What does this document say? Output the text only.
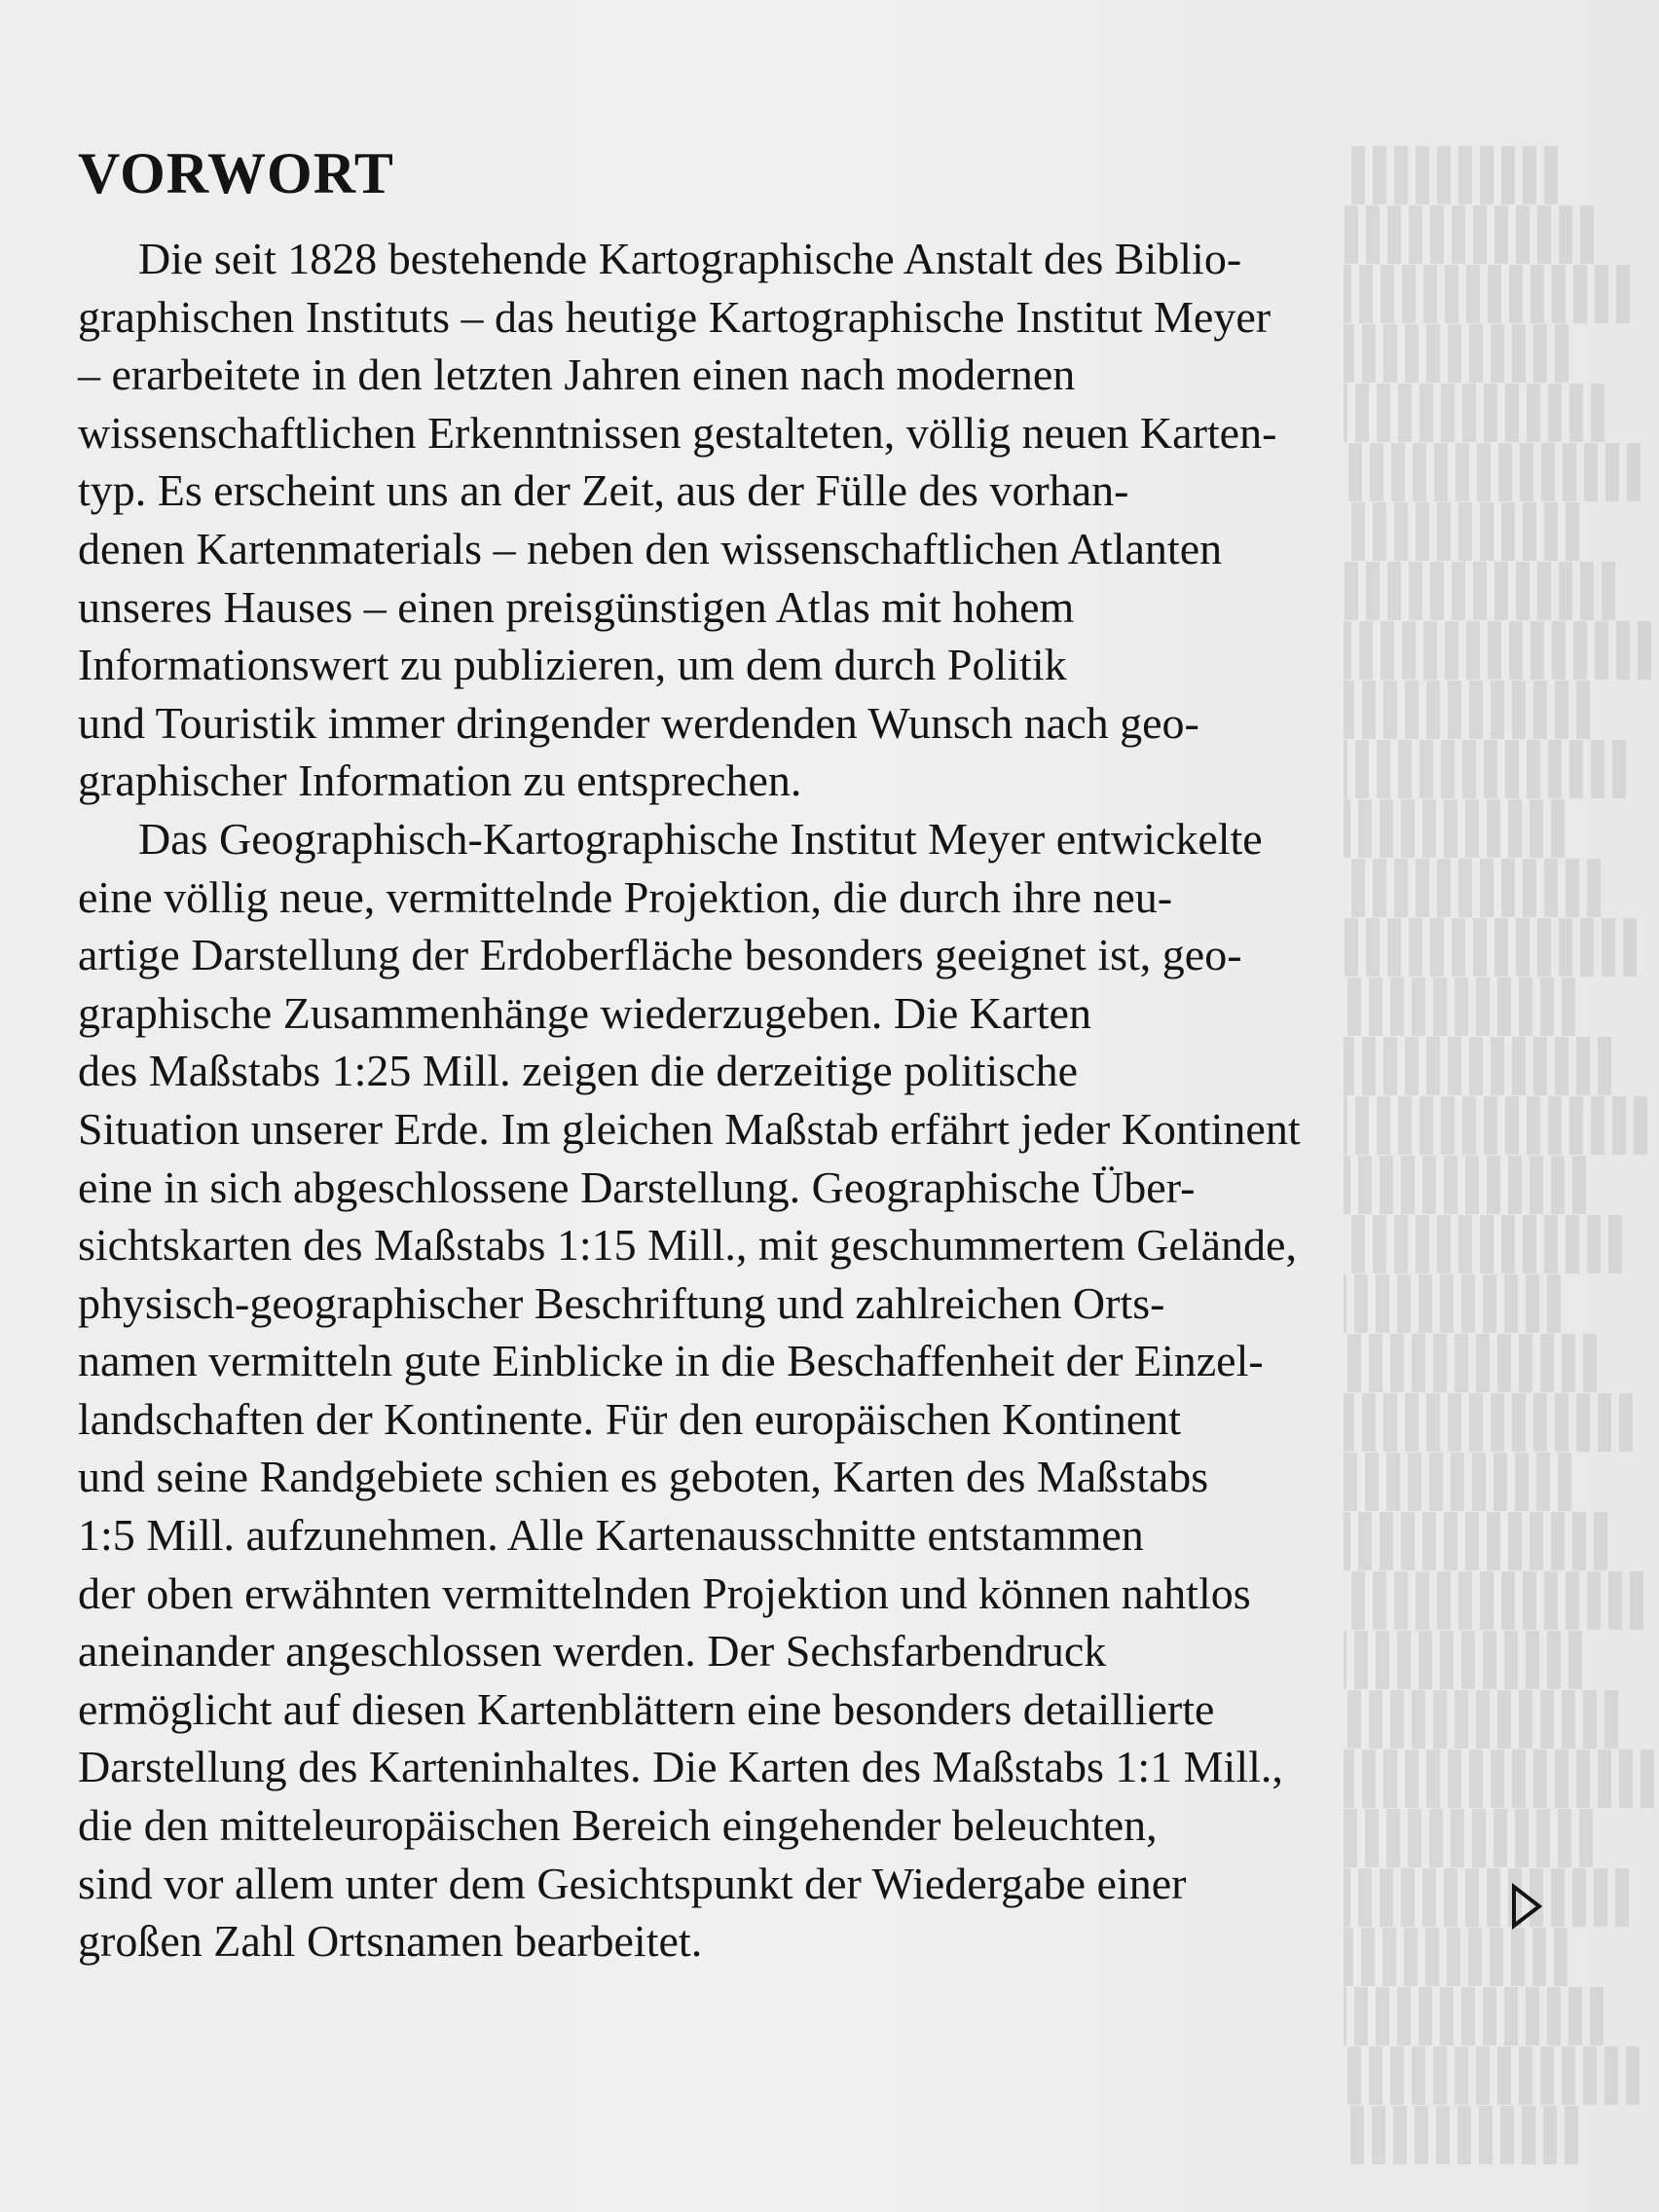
VORWORT
Die seit 1828 bestehende Kartographische Anstalt des Biblio-
graphischen Instituts – das heutige Kartographische Institut Meyer
– erarbeitete in den letzten Jahren einen nach modernen
wissenschaftlichen Erkenntnissen gestalteten, völlig neuen Karten-
typ. Es erscheint uns an der Zeit, aus der Fülle des vorhan-
denen Kartenmaterials – neben den wissenschaftlichen Atlanten
unseres Hauses – einen preisgünstigen Atlas mit hohem
Informationswert zu publizieren, um dem durch Politik
und Touristik immer dringender werdenden Wunsch nach geo-
graphischer Information zu entsprechen.
Das Geographisch-Kartographische Institut Meyer entwickelte
eine völlig neue, vermittelnde Projektion, die durch ihre neu-
artige Darstellung der Erdoberfläche besonders geeignet ist, geo-
graphische Zusammenhänge wiederzugeben. Die Karten
des Maßstabs 1:25 Mill. zeigen die derzeitige politische
Situation unserer Erde. Im gleichen Maßstab erfährt jeder Kontinent
eine in sich abgeschlossene Darstellung. Geographische Über-
sichtskarten des Maßstabs 1:15 Mill., mit geschummertem Gelände,
physisch-geographischer Beschriftung und zahlreichen Orts-
namen vermitteln gute Einblicke in die Beschaffenheit der Einzel-
landschaften der Kontinente. Für den europäischen Kontinent
und seine Randgebiete schien es geboten, Karten des Maßstabs
1:5 Mill. aufzunehmen. Alle Kartenausschnitte entstammen
der oben erwähnten vermittelnden Projektion und können nahtlos
aneinander angeschlossen werden. Der Sechsfarbendruck
ermöglicht auf diesen Kartenblättern eine besonders detaillierte
Darstellung des Karteninhaltes. Die Karten des Maßstabs 1:1 Mill.,
die den mitteleuropäischen Bereich eingehender beleuchten,
sind vor allem unter dem Gesichtspunkt der Wiedergabe einer
großen Zahl Ortsnamen bearbeitet.
